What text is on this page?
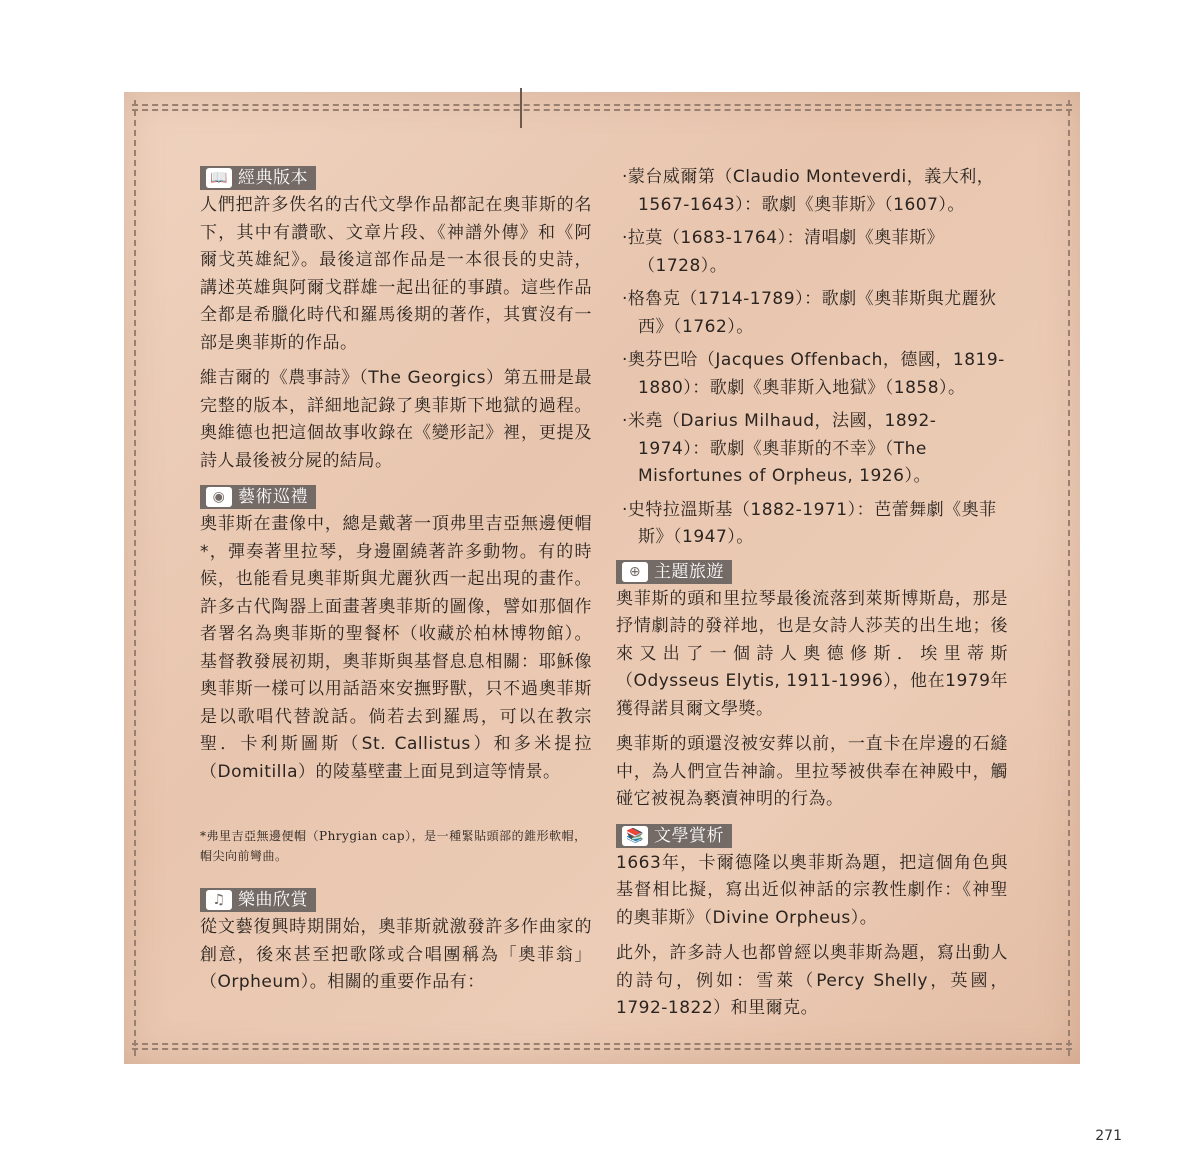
📖 經典版本

人們把許多佚名的古代文學作品都記在奧菲斯的名下，其中有讚歌、文章片段、《神譜外傳》和《阿爾戈英雄紀》。最後這部作品是一本很長的史詩，講述英雄與阿爾戈群雄一起出征的事蹟。這些作品全都是希臘化時代和羅馬後期的著作，其實沒有一部是奧菲斯的作品。

維吉爾的《農事詩》（The Georgics）第五冊是最完整的版本，詳細地記錄了奧菲斯下地獄的過程。奧維德也把這個故事收錄在《變形記》裡，更提及詩人最後被分屍的結局。

◉ 藝術巡禮

奧菲斯在畫像中，總是戴著一頂弗里吉亞無邊便帽*，彈奏著里拉琴，身邊圍繞著許多動物。有的時候，也能看見奧菲斯與尤麗狄西一起出現的畫作。許多古代陶器上面畫著奧菲斯的圖像，譬如那個作者署名為奧菲斯的聖餐杯（收藏於柏林博物館）。基督教發展初期，奧菲斯與基督息息相關：耶穌像奧菲斯一樣可以用話語來安撫野獸，只不過奧菲斯是以歌唱代替說話。倘若去到羅馬，可以在教宗聖．卡利斯圖斯（St. Callistus）和多米提拉（Domitilla）的陵墓壁畫上面見到這等情景。

*弗里吉亞無邊便帽（Phrygian cap），是一種緊貼頭部的錐形軟帽，帽尖向前彎曲。
♫ 樂曲欣賞

從文藝復興時期開始，奧菲斯就激發許多作曲家的創意，後來甚至把歌隊或合唱團稱為「奧菲翁」（Orpheum）。相關的重要作品有：

·蒙台威爾第（Claudio Monteverdi，義大利，1567-1643）：歌劇《奧菲斯》（1607）。
·拉莫（1683-1764）：清唱劇《奧菲斯》（1728）。
·格魯克（1714-1789）：歌劇《奧菲斯與尤麗狄西》（1762）。
·奧芬巴哈（Jacques Offenbach，德國，1819-1880）：歌劇《奧菲斯入地獄》（1858）。
·米堯（Darius Milhaud，法國，1892-1974）：歌劇《奧菲斯的不幸》（The Misfortunes of Orpheus, 1926）。
·史特拉溫斯基（1882-1971）：芭蕾舞劇《奧菲斯》（1947）。
⊕ 主題旅遊

奧菲斯的頭和里拉琴最後流落到萊斯博斯島，那是抒情劇詩的發祥地，也是女詩人莎芙的出生地；後來又出了一個詩人奧德修斯．埃里蒂斯（Odysseus Elytis, 1911-1996），他在1979年獲得諾貝爾文學獎。

奧菲斯的頭還沒被安葬以前，一直卡在岸邊的石縫中，為人們宣告神諭。里拉琴被供奉在神殿中，觸碰它被視為褻瀆神明的行為。

📚 文學賞析

1663年，卡爾德隆以奧菲斯為題，把這個角色與基督相比擬，寫出近似神話的宗教性劇作：《神聖的奧菲斯》（Divine Orpheus）。

此外，許多詩人也都曾經以奧菲斯為題，寫出動人的詩句，例如：雪萊（Percy Shelly，英國，1792-1822）和里爾克。

271
